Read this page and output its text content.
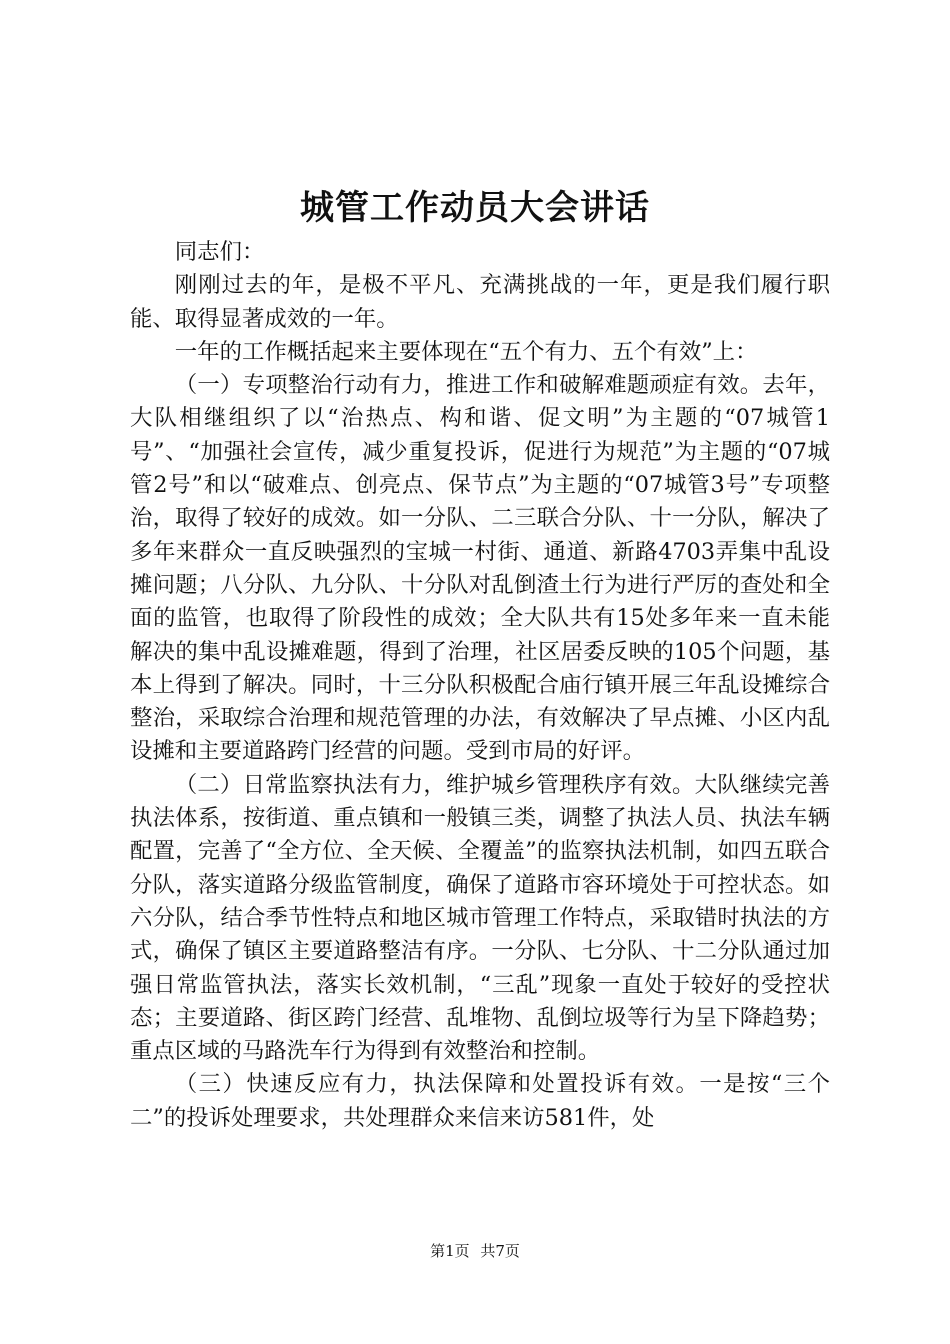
城管工作动员大会讲话

同志们：

刚刚过去的年，是极不平凡、充满挑战的一年，更是我们履行职能、取得显著成效的一年。

一年的工作概括起来主要体现在“五个有力、五个有效”上：

（一）专项整治行动有力，推进工作和破解难题顽症有效。去年，大队相继组织了以“治热点、构和谐、促文明”为主题的“07城管1号”、“加强社会宣传，减少重复投诉，促进行为规范”为主题的“07城管2号”和以“破难点、创亮点、保节点”为主题的“07城管3号”专项整治，取得了较好的成效。如一分队、二三联合分队、十一分队，解决了多年来群众一直反映强烈的宝城一村街、通道、新路4703弄集中乱设摊问题；八分队、九分队、十分队对乱倒渣土行为进行严厉的查处和全面的监管，也取得了阶段性的成效；全大队共有15处多年来一直未能解决的集中乱设摊难题，得到了治理，社区居委反映的105个问题，基本上得到了解决。同时，十三分队积极配合庙行镇开展三年乱设摊综合整治，采取综合治理和规范管理的办法，有效解决了早点摊、小区内乱设摊和主要道路跨门经营的问题。受到市局的好评。

（二）日常监察执法有力，维护城乡管理秩序有效。大队继续完善执法体系，按街道、重点镇和一般镇三类，调整了执法人员、执法车辆配置，完善了“全方位、全天候、全覆盖”的监察执法机制，如四五联合分队，落实道路分级监管制度，确保了道路市容环境处于可控状态。如六分队，结合季节性特点和地区城市管理工作特点，采取错时执法的方式，确保了镇区主要道路整洁有序。一分队、七分队、十二分队通过加强日常监管执法，落实长效机制，“三乱”现象一直处于较好的受控状态；主要道路、街区跨门经营、乱堆物、乱倒垃圾等行为呈下降趋势；重点区域的马路洗车行为得到有效整治和控制。

（三）快速反应有力，执法保障和处置投诉有效。一是按“三个二”的投诉处理要求，共处理群众来信来访581件，处

第1页 共7页
